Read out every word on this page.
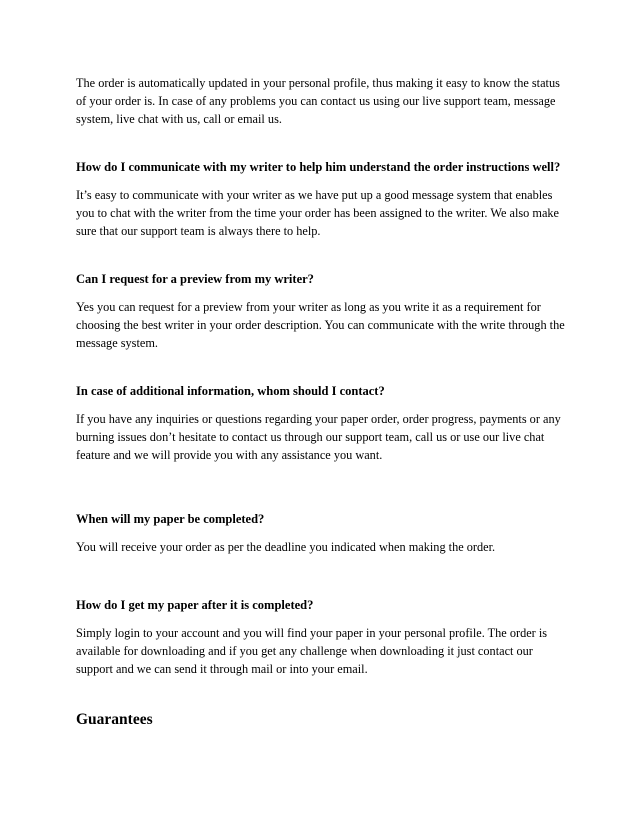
The order is automatically updated in your personal profile, thus making it easy to know the status of your order is. In case of any problems you can contact us using our live support team, message system, live chat with us, call or email us.

How do I communicate with my writer to help him understand the order instructions well?

It’s easy to communicate with your writer as we have put up a good message system that enables you to chat with the writer from the time your order has been assigned to the writer. We also make sure that our support team is always there to help.

Can I request for a preview from my writer?

Yes you can request for a preview from your writer as long as you write it as a requirement for choosing the best writer in your order description. You can communicate with the write through the message system.

In case of additional information, whom should I contact?

If you have any inquiries or questions regarding your paper order, order progress, payments or any burning issues don’t hesitate to contact us through our support team, call us or use our live chat feature and we will provide you with any assistance you want.

When will my paper be completed?

You will receive your order as per the deadline you indicated when making the order.

How do I get my paper after it is completed?

Simply login to your account and you will find your paper in your personal profile. The order is available for downloading and if you get any challenge when downloading it just contact our support and we can send it through mail or into your email.

Guarantees
